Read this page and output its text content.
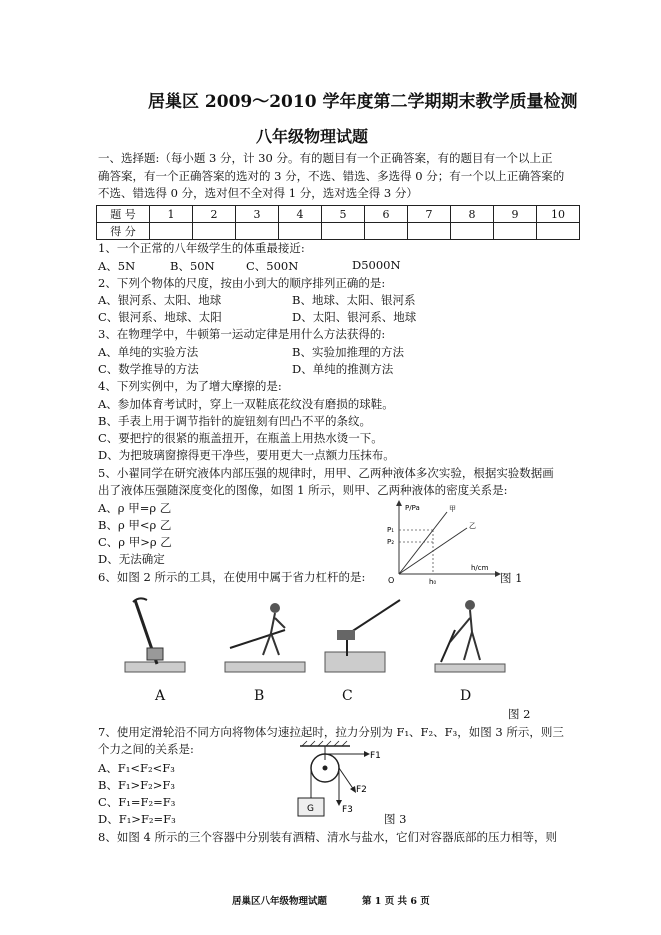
居巢区 2009～2010 学年度第二学期期末教学质量检测
八年级物理试题
一、选择题:（每小题 3 分，计 30 分。有的题目有一个正确答案，有的题目有一个以上正
确答案，有一个正确答案的选对的 3 分，不选、错选、多选得 0 分；有一个以上正确答案的
不选、错选得 0 分，选对但不全对得 1 分，选对选全得 3 分）
题 号	1	2	3	4	5	6	7	8	9	10
得 分										
1、一个正常的八年级学生的体重最接近:
A、5N	B、50N	C、500N	D5000N
2、下列个物体的尺度，按由小到大的顺序排列正确的是:
A、银河系、太阳、地球	B、地球、太阳、银河系
C、银河系、地球、太阳	D、太阳、银河系、地球
3、在物理学中，牛顿第一运动定律是用什么方法获得的:
A、单纯的实验方法	B、实验加推理的方法
C、数学推导的方法	D、单纯的推测方法
4、下列实例中，为了增大摩擦的是:
A、参加体育考试时，穿上一双鞋底花纹没有磨损的球鞋。
B、手表上用于调节指针的旋钮刻有凹凸不平的条纹。
C、要把拧的很紧的瓶盖扭开，在瓶盖上用热水烫一下。
D、为把玻璃窗擦得更干净些，要用更大一点额力压抹布。
5、小翟同学在研究液体内部压强的规律时，用甲、乙两种液体多次实验，根据实验数据画
出了液体压强随深度变化的图像，如图 1 所示，则甲、乙两种液体的密度关系是:
A、ρ 甲=ρ 乙
B、ρ 甲<ρ 乙
C、ρ 甲>ρ 乙
D、无法确定
P/Pa
h/cm
O
P₁
P₂
h₀
甲
乙
图 1
6、如图 2 所示的工具，在使用中属于省力杠杆的是:
A	B	C	D
图 2
7、使用定滑轮沿不同方向将物体匀速拉起时，拉力分别为 F₁、F₂、F₃，如图 3 所示，则三
个力之间的关系是:
A、F₁<F₂<F₃
B、F₁>F₂>F₃
C、F₁=F₂=F₃
D、F₁>F₂=F₃
G
F1
F2
F3
图 3
8、如图 4 所示的三个容器中分别装有酒精、清水与盐水，它们对容器底部的压力相等，则
居巢区八年级物理试题	第 1 页 共 6 页
